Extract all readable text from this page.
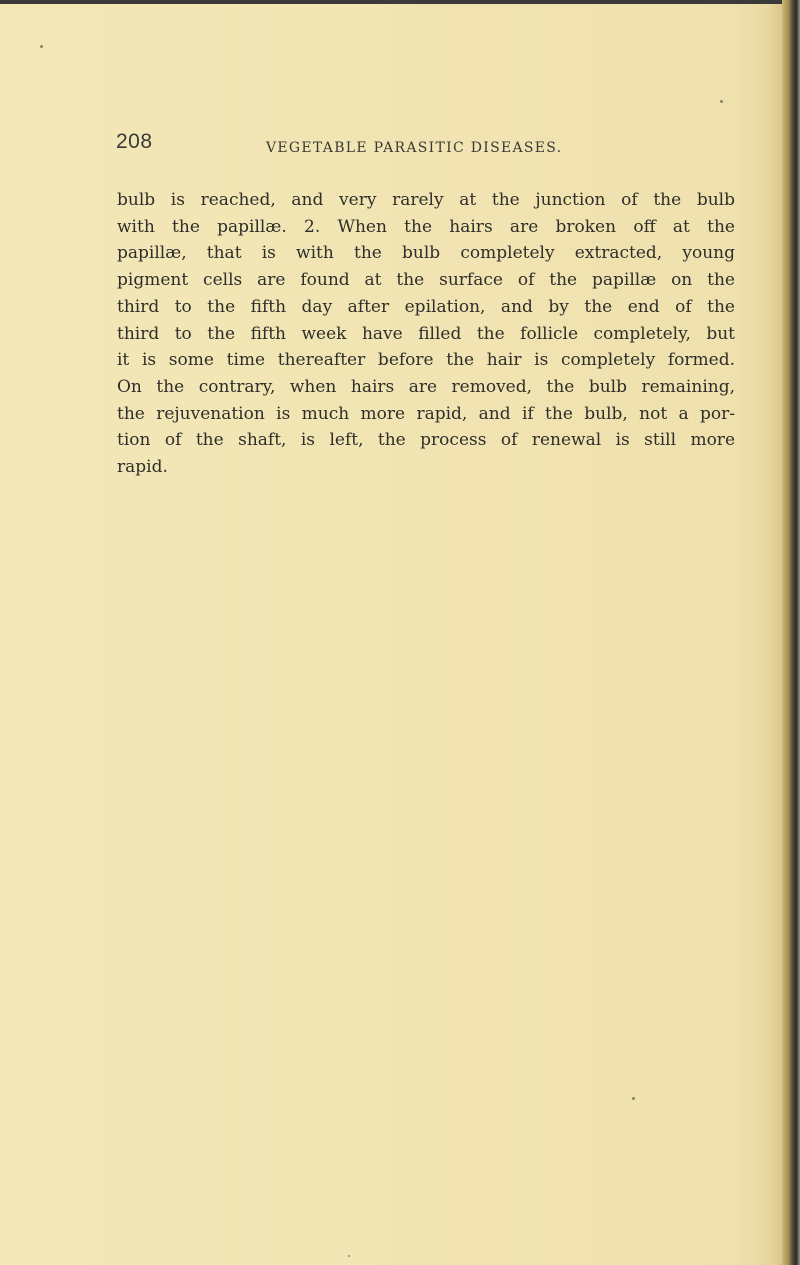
208	VEGETABLE PARASITIC DISEASES.
bulb is reached, and very rarely at the junction of the bulb
with the papillæ. 2. When the hairs are broken off at the
papillæ, that is with the bulb completely extracted, young
pigment cells are found at the surface of the papillæ on the
third to the fifth day after epilation, and by the end of the
third to the fifth week have filled the follicle completely, but
it is some time thereafter before the hair is completely formed.
On the contrary, when hairs are removed, the bulb remaining,
the rejuvenation is much more rapid, and if the bulb, not a por-
tion of the shaft, is left, the process of renewal is still more
rapid.
